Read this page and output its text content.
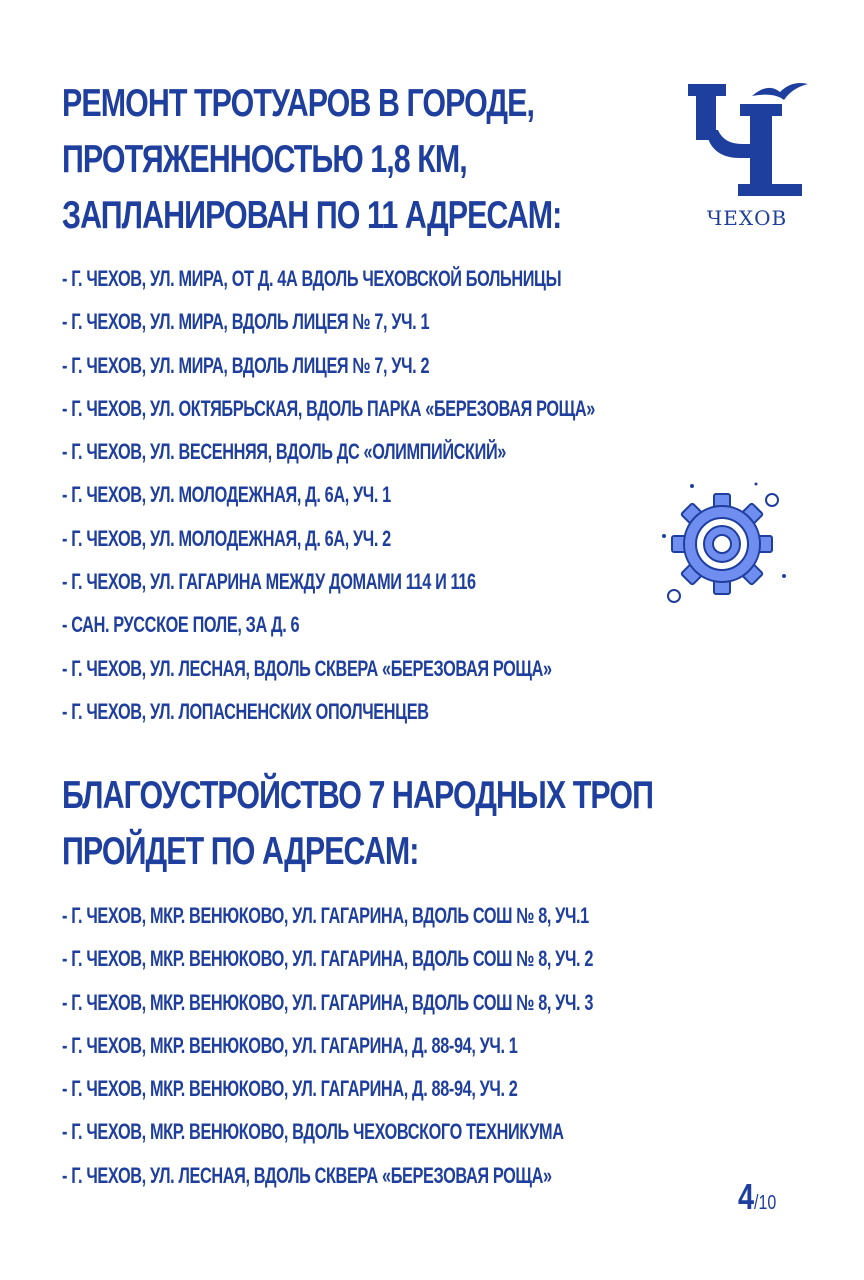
РЕМОНТ ТРОТУАРОВ В ГОРОДЕ,
ПРОТЯЖЕННОСТЬЮ 1,8 КМ,
ЗАПЛАНИРОВАН ПО 11 АДРЕСАМ:	ЧЕХОВ
- Г. ЧЕХОВ, УЛ. МИРА, ОТ Д. 4А ВДОЛЬ ЧЕХОВСКОЙ БОЛЬНИЦЫ
- Г. ЧЕХОВ, УЛ. МИРА, ВДОЛЬ ЛИЦЕЯ № 7, УЧ. 1
- Г. ЧЕХОВ, УЛ. МИРА, ВДОЛЬ ЛИЦЕЯ № 7, УЧ. 2
- Г. ЧЕХОВ, УЛ. ОКТЯБРЬСКАЯ, ВДОЛЬ ПАРКА «БЕРЕЗОВАЯ РОЩА»
- Г. ЧЕХОВ, УЛ. ВЕСЕННЯЯ, ВДОЛЬ ДС «ОЛИМПИЙСКИЙ»
- Г. ЧЕХОВ, УЛ. МОЛОДЕЖНАЯ, Д. 6А, УЧ. 1
- Г. ЧЕХОВ, УЛ. МОЛОДЕЖНАЯ, Д. 6А, УЧ. 2
- Г. ЧЕХОВ, УЛ. ГАГАРИНА МЕЖДУ ДОМАМИ 114 И 116
- САН. РУССКОЕ ПОЛЕ, ЗА Д. 6
- Г. ЧЕХОВ, УЛ. ЛЕСНАЯ, ВДОЛЬ СКВЕРА «БЕРЕЗОВАЯ РОЩА»
- Г. ЧЕХОВ, УЛ. ЛОПАСНЕНСКИХ ОПОЛЧЕНЦЕВ
БЛАГОУСТРОЙСТВО 7 НАРОДНЫХ ТРОП
ПРОЙДЕТ ПО АДРЕСАМ:
- Г. ЧЕХОВ, МКР. ВЕНЮКОВО, УЛ. ГАГАРИНА, ВДОЛЬ СОШ № 8, УЧ.1
- Г. ЧЕХОВ, МКР. ВЕНЮКОВО, УЛ. ГАГАРИНА, ВДОЛЬ СОШ № 8, УЧ. 2
- Г. ЧЕХОВ, МКР. ВЕНЮКОВО, УЛ. ГАГАРИНА, ВДОЛЬ СОШ № 8, УЧ. 3
- Г. ЧЕХОВ, МКР. ВЕНЮКОВО, УЛ. ГАГАРИНА, Д. 88-94, УЧ. 1
- Г. ЧЕХОВ, МКР. ВЕНЮКОВО, УЛ. ГАГАРИНА, Д. 88-94, УЧ. 2
- Г. ЧЕХОВ, МКР. ВЕНЮКОВО, ВДОЛЬ ЧЕХОВСКОГО ТЕХНИКУМА
- Г. ЧЕХОВ, УЛ. ЛЕСНАЯ, ВДОЛЬ СКВЕРА «БЕРЕЗОВАЯ РОЩА»
4/10
